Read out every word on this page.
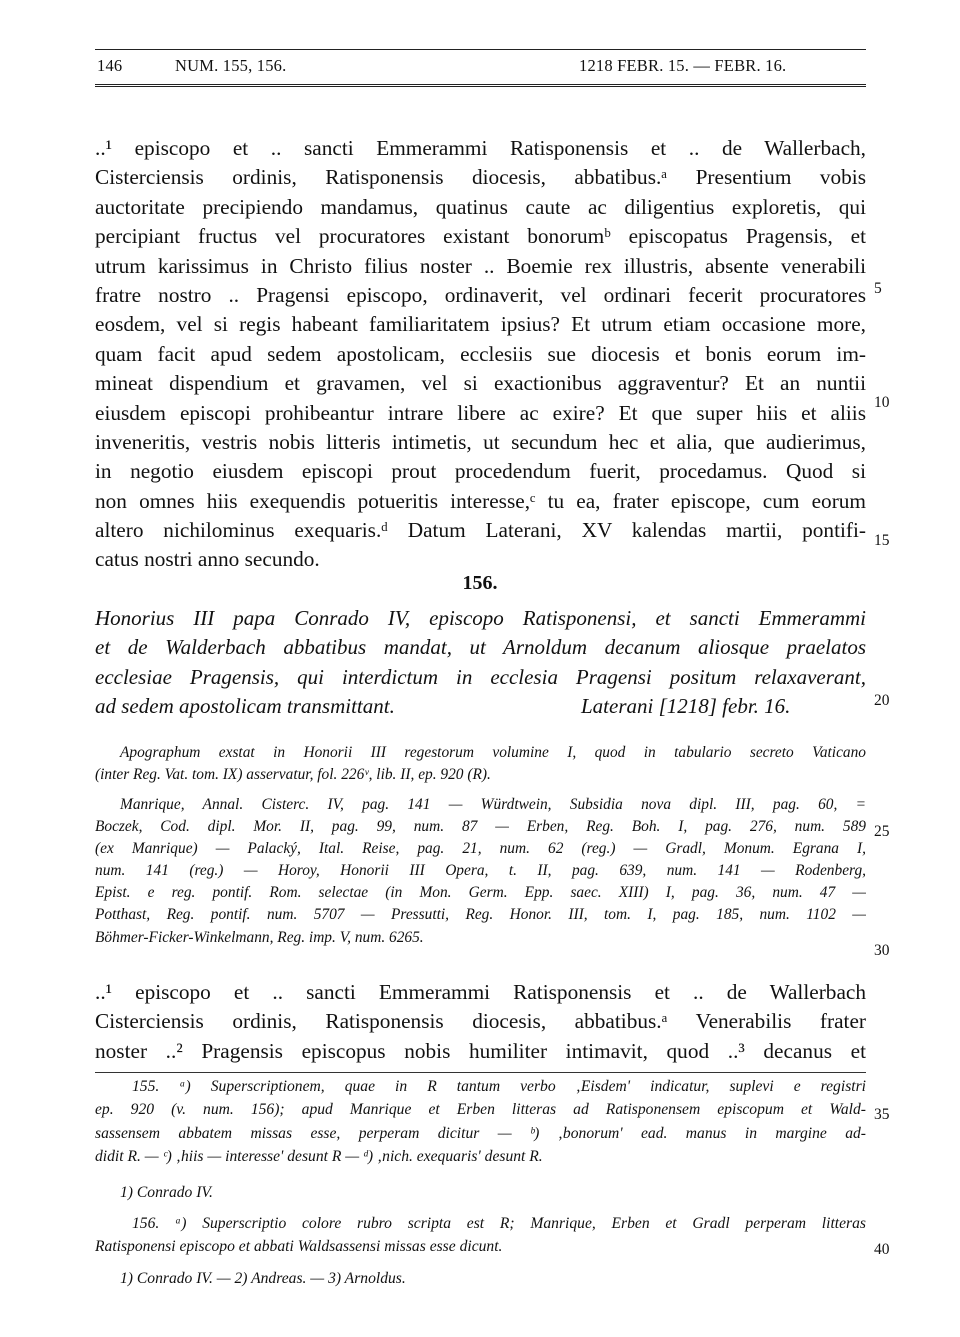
146	NUM. 155, 156.	1218 FEBR. 15. — FEBR. 16.
..¹ episcopo et .. sancti Emmerammi Ratisponensis et .. de Wallerbach,
Cisterciensis ordinis, Ratisponensis diocesis, abbatibus.ᵃ Presentium vobis
auctoritate precipiendo mandamus, quatinus caute ac diligentius exploretis, qui
percipiant fructus vel procuratores existant bonorumᵇ episcopatus Pragensis, et
utrum karissimus in Christo filius noster .. Boemie rex illustris, absente venerabili
fratre nostro .. Pragensi episcopo, ordinaverit, vel ordinari fecerit procuratores
eosdem, vel si regis habeant familiaritatem ipsius? Et utrum etiam occasione more,
quam facit apud sedem apostolicam, ecclesiis sue diocesis et bonis eorum im-
mineat dispendium et gravamen, vel si exactionibus aggraventur? Et an nuntii
eiusdem episcopi prohibeantur intrare libere ac exire? Et que super hiis et aliis
inveneritis, vestris nobis litteris intimetis, ut secundum hec et alia, que audierimus,
in negotio eiusdem episcopi prout procedendum fuerit, procedamus. Quod si
non omnes hiis exequendis potueritis interesse,ᶜ tu ea, frater episcope, cum eorum
altero nichilominus exequaris.ᵈ Datum Laterani, XV kalendas martii, pontifi-
catus nostri anno secundo.
5
10
15
20
25
30
35
40
156.
Honorius III papa Conrado IV, episcopo Ratisponensi, et sancti Emmerammi
et de Walderbach abbatibus mandat, ut Arnoldum decanum aliosque praelatos
ecclesiae Pragensis, qui interdictum in ecclesia Pragensi positum relaxaverant,
ad sedem apostolicam transmittant.	Laterani [1218] febr. 16.
Apographum exstat in Honorii III regestorum volumine I, quod in tabulario secreto Vaticano
(inter Reg. Vat. tom. IX) asservatur, fol. 226ᵛ, lib. II, ep. 920 (R).
Manrique, Annal. Cisterc. IV, pag. 141 — Würdtwein, Subsidia nova dipl. III, pag. 60, =
Boczek, Cod. dipl. Mor. II, pag. 99, num. 87 — Erben, Reg. Boh. I, pag. 276, num. 589
(ex Manrique) — Palacký, Ital. Reise, pag. 21, num. 62 (reg.) — Gradl, Monum. Egrana I,
num. 141 (reg.) — Horoy, Honorii III Opera, t. II, pag. 639, num. 141 — Rodenberg,
Epist. e reg. pontif. Rom. selectae (in Mon. Germ. Epp. saec. XIII) I, pag. 36, num. 47 —
Potthast, Reg. pontif. num. 5707 — Pressutti, Reg. Honor. III, tom. I, pag. 185, num. 1102 —
Böhmer-Ficker-Winkelmann, Reg. imp. V, num. 6265.
..¹ episcopo et .. sancti Emmerammi Ratisponensis et .. de Wallerbach
Cisterciensis ordinis, Ratisponensis diocesis, abbatibus.ᵃ Venerabilis frater
noster ..² Pragensis episcopus nobis humiliter intimavit, quod ..³ decanus et
155. ᵃ) Superscriptionem, quae in R tantum verbo ‚Eisdem' indicatur, suplevi e registri
ep. 920 (v. num. 156); apud Manrique et Erben litteras ad Ratisponensem episcopum et Wald-
sassensem abbatem missas esse, perperam dicitur — ᵇ) ‚bonorum' ead. manus in margine ad-
didit R. — ᶜ) ‚hiis — interesse' desunt R — ᵈ) ‚nich. exequaris' desunt R.
1) Conrado IV.
156. ᵃ) Superscriptio colore rubro scripta est R; Manrique, Erben et Gradl perperam litteras
Ratisponensi episcopo et abbati Waldsassensi missas esse dicunt.
1) Conrado IV. — 2) Andreas. — 3) Arnoldus.
